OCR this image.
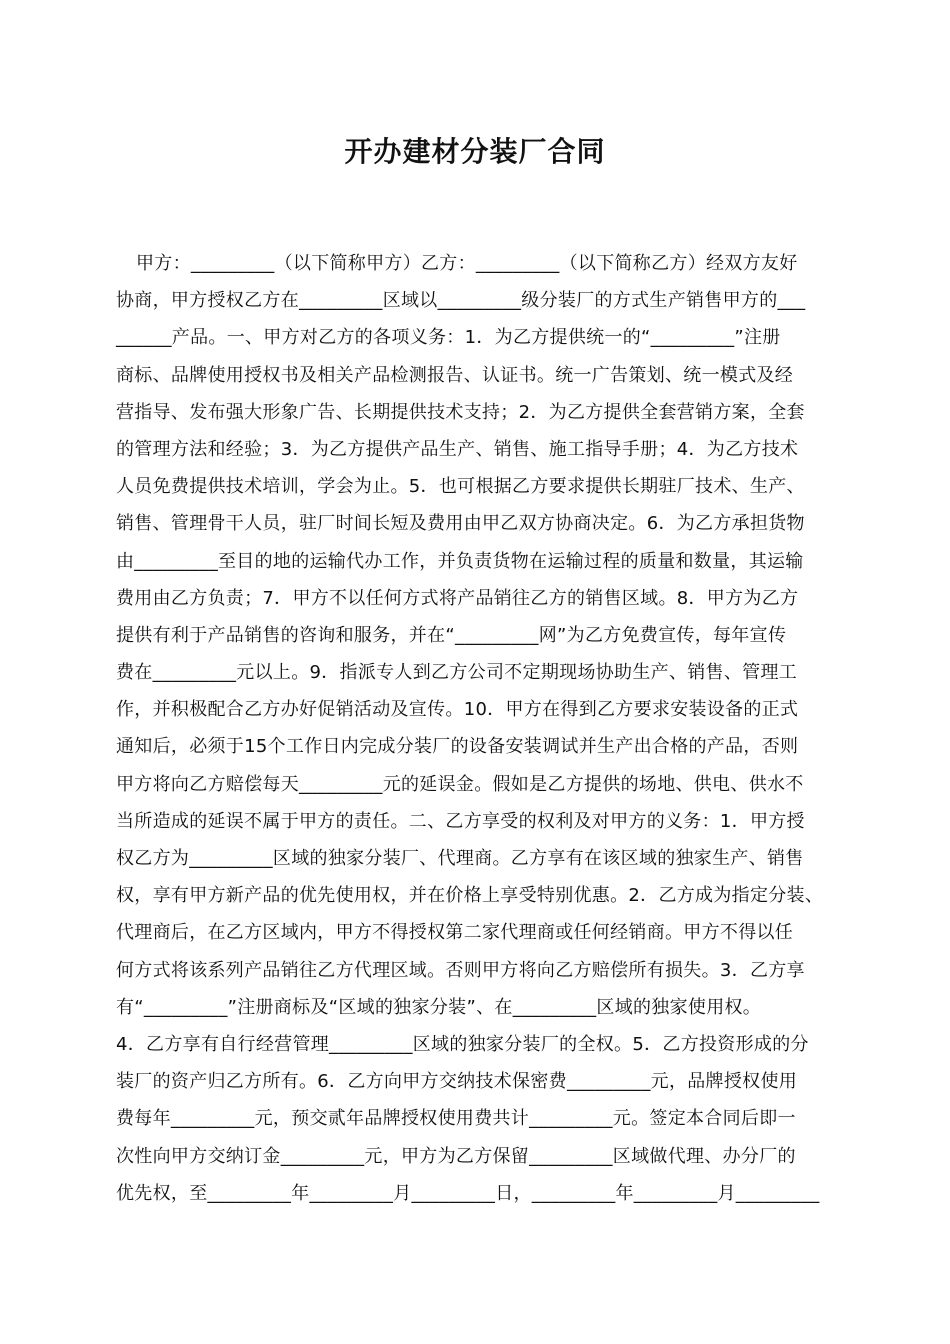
开办建材分装厂合同
甲方：_________（以下简称甲方）乙方：_________（以下简称乙方）经双方友好
协商，甲方授权乙方在_________区域以_________级分装厂的方式生产销售甲方的___
______产品。一、甲方对乙方的各项义务：1．为乙方提供统一的“_________”注册
商标、品牌使用授权书及相关产品检测报告、认证书。统一广告策划、统一模式及经
营指导、发布强大形象广告、长期提供技术支持；2．为乙方提供全套营销方案，全套
的管理方法和经验；3．为乙方提供产品生产、销售、施工指导手册；4．为乙方技术
人员免费提供技术培训，学会为止。5．也可根据乙方要求提供长期驻厂技术、生产、
销售、管理骨干人员，驻厂时间长短及费用由甲乙双方协商决定。6．为乙方承担货物
由_________至目的地的运输代办工作，并负责货物在运输过程的质量和数量，其运输
费用由乙方负责；7．甲方不以任何方式将产品销往乙方的销售区域。8．甲方为乙方
提供有利于产品销售的咨询和服务，并在“_________网”为乙方免费宣传，每年宣传
费在_________元以上。9．指派专人到乙方公司不定期现场协助生产、销售、管理工
作，并积极配合乙方办好促销活动及宣传。10．甲方在得到乙方要求安装设备的正式
通知后，必须于15个工作日内完成分装厂的设备安装调试并生产出合格的产品，否则
甲方将向乙方赔偿每天_________元的延误金。假如是乙方提供的场地、供电、供水不
当所造成的延误不属于甲方的责任。二、乙方享受的权利及对甲方的义务：1．甲方授
权乙方为_________区域的独家分装厂、代理商。乙方享有在该区域的独家生产、销售
权，享有甲方新产品的优先使用权，并在价格上享受特别优惠。2．乙方成为指定分装、
代理商后，在乙方区域内，甲方不得授权第二家代理商或任何经销商。甲方不得以任
何方式将该系列产品销往乙方代理区域。否则甲方将向乙方赔偿所有损失。3．乙方享
有“_________”注册商标及“区域的独家分装”、在_________区域的独家使用权。
4．乙方享有自行经营管理_________区域的独家分装厂的全权。5．乙方投资形成的分
装厂的资产归乙方所有。6．乙方向甲方交纳技术保密费_________元，品牌授权使用
费每年_________元，预交贰年品牌授权使用费共计_________元。签定本合同后即一
次性向甲方交纳订金_________元，甲方为乙方保留_________区域做代理、办分厂的
优先权，至_________年_________月_________日，_________年_________月_________
